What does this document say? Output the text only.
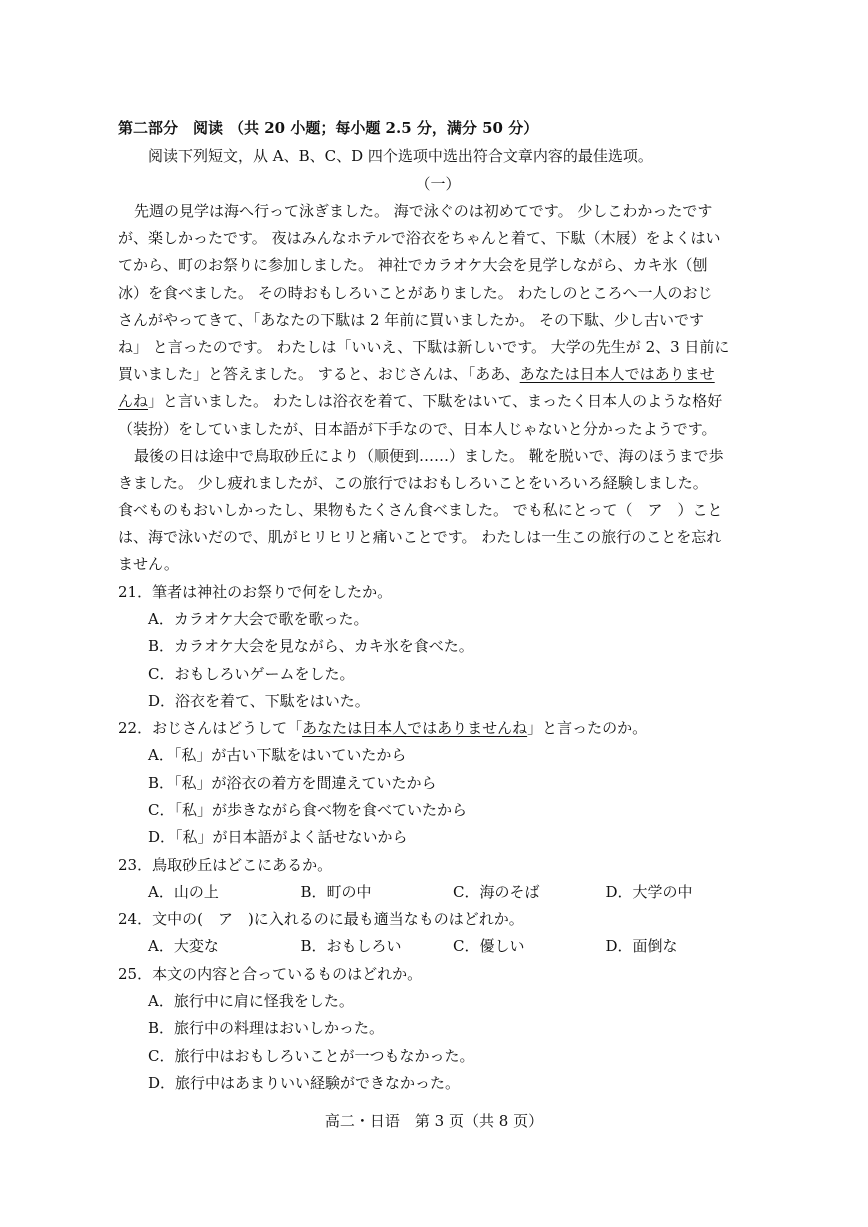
第二部分　阅读 （共 20 小题；每小题 2.5 分，满分 50 分）
阅读下列短文，从 A、B、C、D 四个选项中选出符合文章内容的最佳选项。
（一）
先週の見学は海へ行って泳ぎました。 海で泳ぐのは初めてです。 少しこわかったです
が、楽しかったです。 夜はみんなホテルで浴衣をちゃんと着て、下駄（木屐）をよくはい
てから、町のお祭りに参加しました。 神社でカラオケ大会を見学しながら、カキ氷（刨
冰）を食べました。 その時おもしろいことがありました。 わたしのところへ一人のおじ
さんがやってきて、「あなたの下駄は 2 年前に買いましたか。 その下駄、少し古いです
ね」 と言ったのです。 わたしは「いいえ、下駄は新しいです。 大学の先生が 2、3 日前に
買いました」と答えました。 すると、おじさんは、「ああ、あなたは日本人ではありませ
んね」と言いました。 わたしは浴衣を着て、下駄をはいて、まったく日本人のような格好
（装扮）をしていましたが、日本語が下手なので、日本人じゃないと分かったようです。
最後の日は途中で鳥取砂丘により（顺便到……）ました。 靴を脱いで、海のほうまで歩
きました。 少し疲れましたが、この旅行ではおもしろいことをいろいろ経験しました。
食べものもおいしかったし、果物もたくさん食べました。 でも私にとって（　ア　）こと
は、海で泳いだので、肌がヒリヒリと痛いことです。 わたしは一生この旅行のことを忘れ
ません。
21．筆者は神社のお祭りで何をしたか。
A．カラオケ大会で歌を歌った。
B．カラオケ大会を見ながら、カキ氷を食べた。
C．おもしろいゲームをした。
D．浴衣を着て、下駄をはいた。
22．おじさんはどうして「あなたは日本人ではありませんね」と言ったのか。
A．「私」が古い下駄をはいていたから
B．「私」が浴衣の着方を間違えていたから
C．「私」が歩きながら食べ物を食べていたから
D．「私」が日本語がよく話せないから
23．鳥取砂丘はどこにあるか。
A．山の上	B．町の中	C．海のそば	D．大学の中
24．文中の(　ア　)に入れるのに最も適当なものはどれか。
A．大変な	B．おもしろい	C．優しい	D．面倒な
25．本文の内容と合っているものはどれか。
A．旅行中に肩に怪我をした。
B．旅行中の料理はおいしかった。
C．旅行中はおもしろいことが一つもなかった。
D．旅行中はあまりいい経験ができなかった。
高二・日语　第 3 页（共 8 页）
